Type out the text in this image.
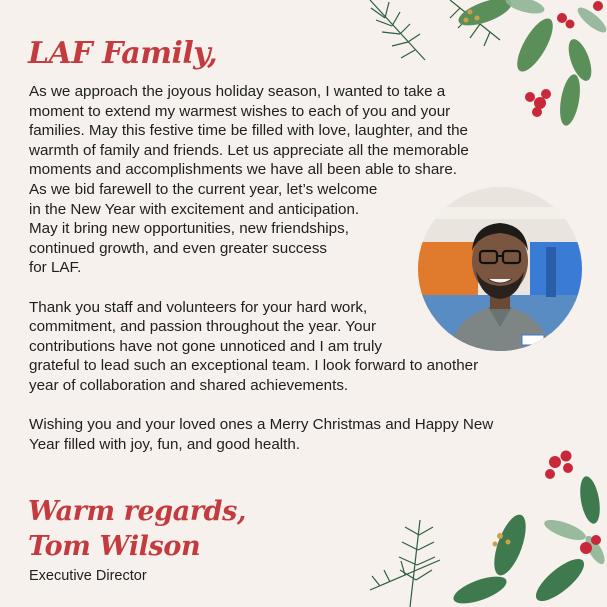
LAF Family,

As we approach the joyous holiday season, I wanted to take a
moment to extend my warmest wishes to each of you and your
families. May this festive time be filled with love, laughter, and the
warmth of family and friends. Let us appreciate all the memorable
moments and accomplishments we have all been able to share.
As we bid farewell to the current year, let’s welcome
in the New Year with excitement and anticipation.
May it bring new opportunities, new friendships,
continued growth, and even greater success
for LAF.

Thank you staff and volunteers for your hard work,
commitment, and passion throughout the year. Your
contributions have not gone unnoticed and I am truly
grateful to lead such an exceptional team. I look forward to another
year of collaboration and shared achievements.

Wishing you and your loved ones a Merry Christmas and Happy New
Year filled with joy, fun, and good health.

Warm regards,
Tom Wilson
Executive Director
